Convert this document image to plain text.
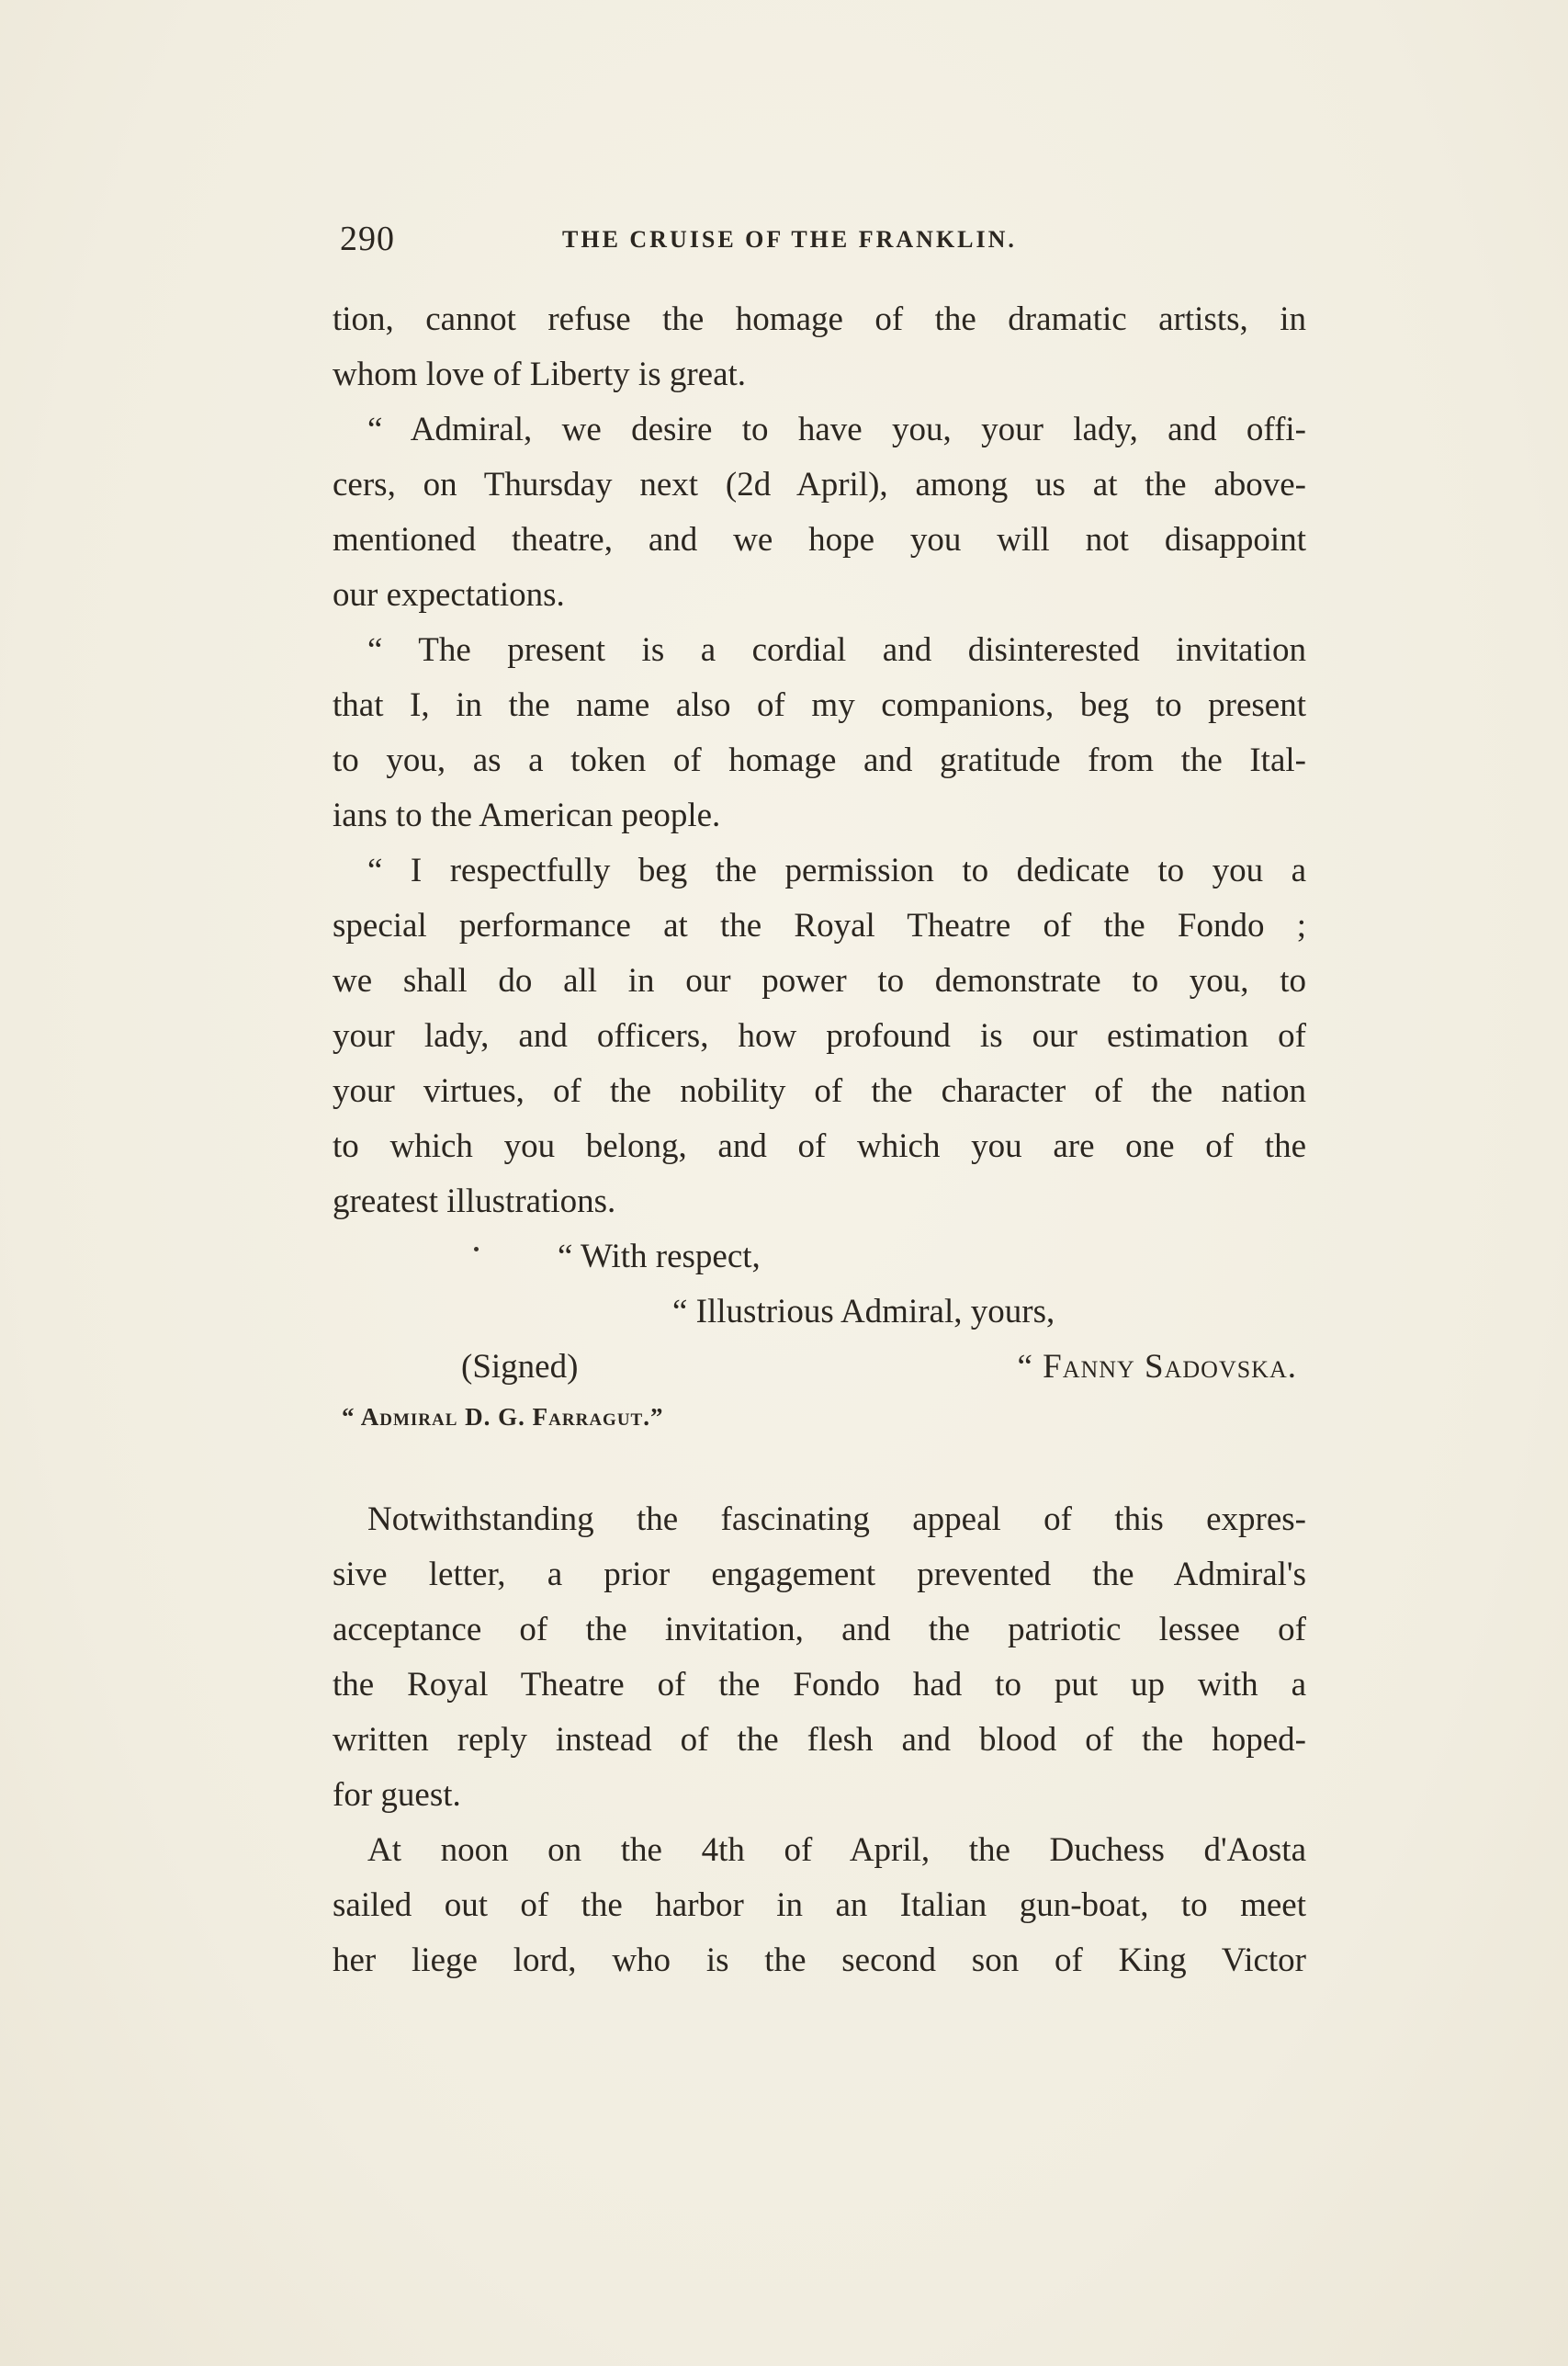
290	THE CRUISE OF THE FRANKLIN.
tion, cannot refuse the homage of the dramatic artists, in
whom love of Liberty is great.
“ Admiral, we desire to have you, your lady, and offi-
cers, on Thursday next (2d April), among us at the above-
mentioned theatre, and we hope you will not disappoint
our expectations.
“ The present is a cordial and disinterested invitation
that I, in the name also of my companions, beg to present
to you, as a token of homage and gratitude from the Ital-
ians to the American people.
“ I respectfully beg the permission to dedicate to you a
special performance at the Royal Theatre of the Fondo ;
we shall do all in our power to demonstrate to you, to
your lady, and officers, how profound is our estimation of
your virtues, of the nobility of the character of the nation
to which you belong, and of which you are one of the
greatest illustrations.
“ With respect,
“ Illustrious Admiral, yours,
(Signed)	“ Fanny Sadovska.
“ Admiral D. G. Farragut.”
Notwithstanding the fascinating appeal of this expres-
sive letter, a prior engagement prevented the Admiral's
acceptance of the invitation, and the patriotic lessee of
the Royal Theatre of the Fondo had to put up with a
written reply instead of the flesh and blood of the hoped-
for guest.
At noon on the 4th of April, the Duchess d'Aosta
sailed out of the harbor in an Italian gun-boat, to meet
her liege lord, who is the second son of King Victor
